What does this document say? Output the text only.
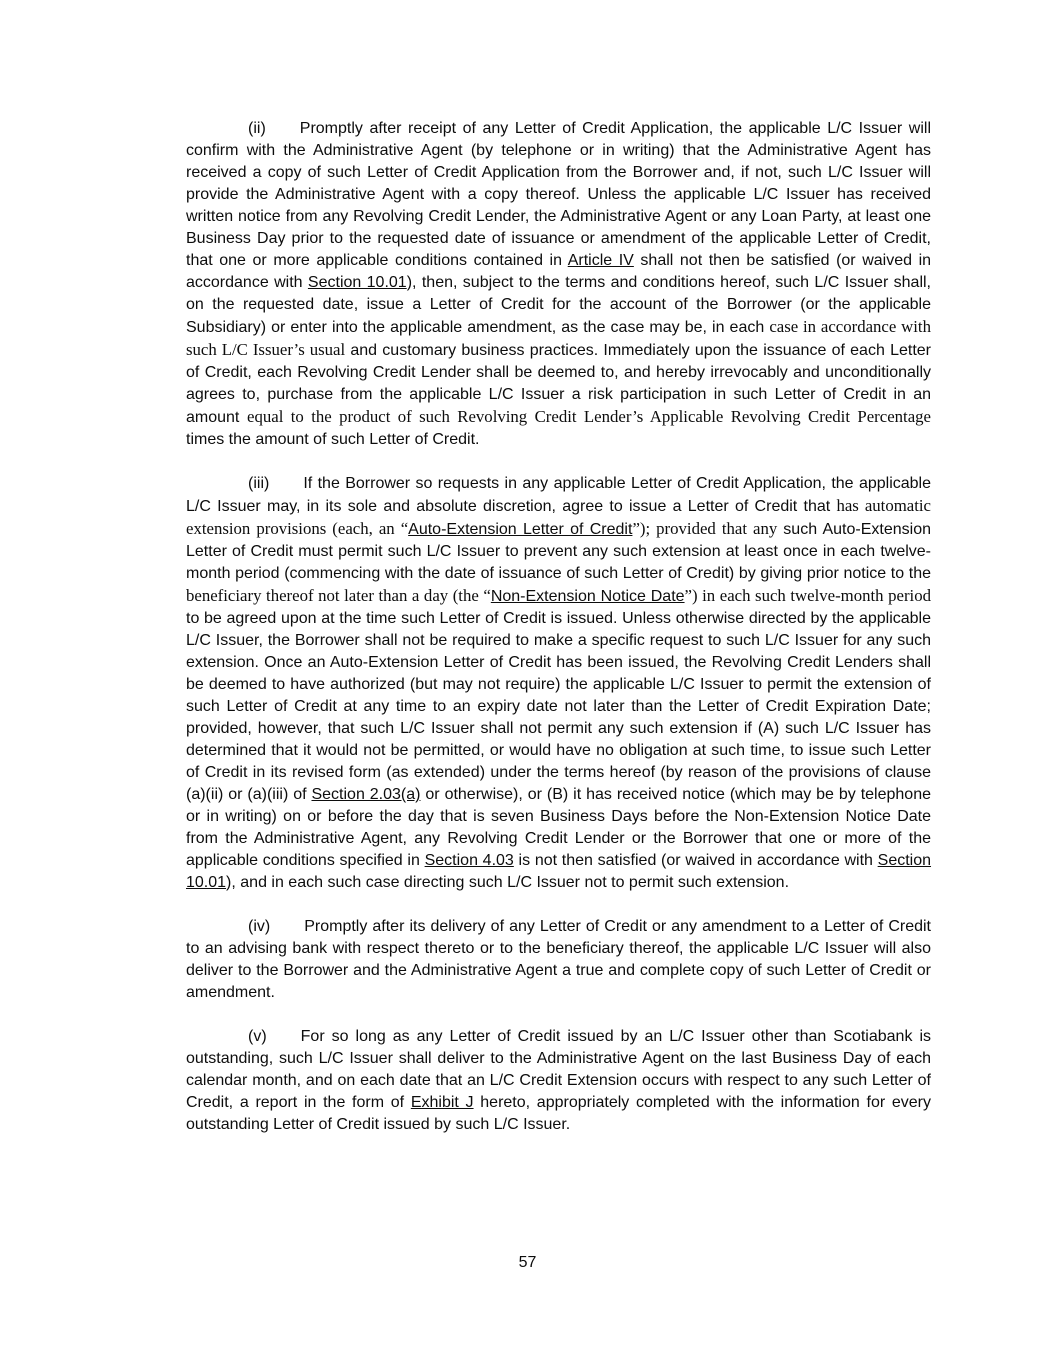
(ii) Promptly after receipt of any Letter of Credit Application, the applicable L/C Issuer will confirm with the Administrative Agent (by telephone or in writing) that the Administrative Agent has received a copy of such Letter of Credit Application from the Borrower and, if not, such L/C Issuer will provide the Administrative Agent with a copy thereof. Unless the applicable L/C Issuer has received written notice from any Revolving Credit Lender, the Administrative Agent or any Loan Party, at least one Business Day prior to the requested date of issuance or amendment of the applicable Letter of Credit, that one or more applicable conditions contained in Article IV shall not then be satisfied (or waived in accordance with Section 10.01), then, subject to the terms and conditions hereof, such L/C Issuer shall, on the requested date, issue a Letter of Credit for the account of the Borrower (or the applicable Subsidiary) or enter into the applicable amendment, as the case may be, in each case in accordance with such L/C Issuer’s usual and customary business practices. Immediately upon the issuance of each Letter of Credit, each Revolving Credit Lender shall be deemed to, and hereby irrevocably and unconditionally agrees to, purchase from the applicable L/C Issuer a risk participation in such Letter of Credit in an amount equal to the product of such Revolving Credit Lender’s Applicable Revolving Credit Percentage times the amount of such Letter of Credit.

(iii) If the Borrower so requests in any applicable Letter of Credit Application, the applicable L/C Issuer may, in its sole and absolute discretion, agree to issue a Letter of Credit that has automatic extension provisions (each, an “Auto-Extension Letter of Credit”); provided that any such Auto-Extension Letter of Credit must permit such L/C Issuer to prevent any such extension at least once in each twelve-month period (commencing with the date of issuance of such Letter of Credit) by giving prior notice to the beneficiary thereof not later than a day (the “Non-Extension Notice Date”) in each such twelve-month period to be agreed upon at the time such Letter of Credit is issued. Unless otherwise directed by the applicable L/C Issuer, the Borrower shall not be required to make a specific request to such L/C Issuer for any such extension. Once an Auto-Extension Letter of Credit has been issued, the Revolving Credit Lenders shall be deemed to have authorized (but may not require) the applicable L/C Issuer to permit the extension of such Letter of Credit at any time to an expiry date not later than the Letter of Credit Expiration Date; provided, however, that such L/C Issuer shall not permit any such extension if (A) such L/C Issuer has determined that it would not be permitted, or would have no obligation at such time, to issue such Letter of Credit in its revised form (as extended) under the terms hereof (by reason of the provisions of clause (a)(ii) or (a)(iii) of Section 2.03(a) or otherwise), or (B) it has received notice (which may be by telephone or in writing) on or before the day that is seven Business Days before the Non-Extension Notice Date from the Administrative Agent, any Revolving Credit Lender or the Borrower that one or more of the applicable conditions specified in Section 4.03 is not then satisfied (or waived in accordance with Section 10.01), and in each such case directing such L/C Issuer not to permit such extension.

(iv) Promptly after its delivery of any Letter of Credit or any amendment to a Letter of Credit to an advising bank with respect thereto or to the beneficiary thereof, the applicable L/C Issuer will also deliver to the Borrower and the Administrative Agent a true and complete copy of such Letter of Credit or amendment.

(v) For so long as any Letter of Credit issued by an L/C Issuer other than Scotiabank is outstanding, such L/C Issuer shall deliver to the Administrative Agent on the last Business Day of each calendar month, and on each date that an L/C Credit Extension occurs with respect to any such Letter of Credit, a report in the form of Exhibit J hereto, appropriately completed with the information for every outstanding Letter of Credit issued by such L/C Issuer.

57
